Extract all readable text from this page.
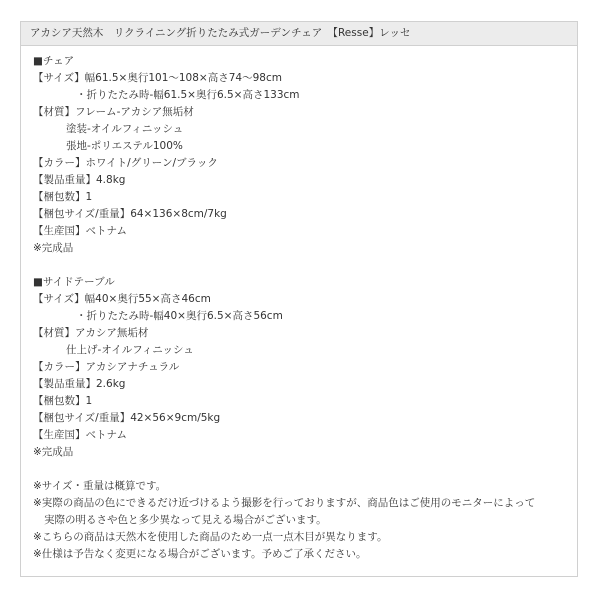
アカシア天然木　リクライニング折りたたみ式ガーデンチェア　【Resse】レッセ
■チェア
【サイズ】幅61.5×奥行101～108×高さ74～98cm
・折りたたみ時-幅61.5×奥行6.5×高さ133cm
【材質】フレーム-アカシア無垢材
塗装-オイルフィニッシュ
張地-ポリエステル100%
【カラー】ホワイト/グリーン/ブラック
【製品重量】4.8kg
【梱包数】1
【梱包サイズ/重量】64×136×8cm/7kg
【生産国】ベトナム
※完成品
■サイドテーブル
【サイズ】幅40×奥行55×高さ46cm
・折りたたみ時-幅40×奥行6.5×高さ56cm
【材質】アカシア無垢材
仕上げ-オイルフィニッシュ
【カラー】アカシアナチュラル
【製品重量】2.6kg
【梱包数】1
【梱包サイズ/重量】42×56×9cm/5kg
【生産国】ベトナム
※完成品
※サイズ・重量は概算です。
※実際の商品の色にできるだけ近づけるよう撮影を行っておりますが、商品色はご使用のモニターによって
実際の明るさや色と多少異なって見える場合がございます。
※こちらの商品は天然木を使用した商品のため一点一点木目が異なります。
※仕様は予告なく変更になる場合がございます。予めご了承ください。
